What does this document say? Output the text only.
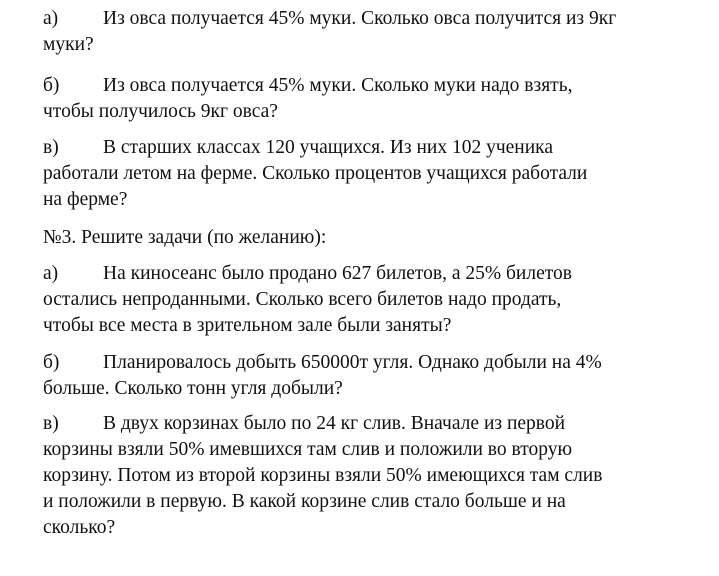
а) Из овса получается 45% муки. Сколько овса получится из 9кг
муки?
б) Из овса получается 45% муки. Сколько муки надо взять,
чтобы получилось 9кг овса?
в) В старших классах 120 учащихся. Из них 102 ученика
работали летом на ферме. Сколько процентов учащихся работали
на ферме?
№3. Решите задачи (по желанию):
а) На киносеанс было продано 627 билетов, а 25% билетов
остались непроданными. Сколько всего билетов надо продать,
чтобы все места в зрительном зале были заняты?
б) Планировалось добыть 650000т угля. Однако добыли на 4%
больше. Сколько тонн угля добыли?
в) В двух корзинах было по 24 кг слив. Вначале из первой
корзины взяли 50% имевшихся там слив и положили во вторую
корзину. Потом из второй корзины взяли 50% имеющихся там слив
и положили в первую. В какой корзине слив стало больше и на
сколько?
